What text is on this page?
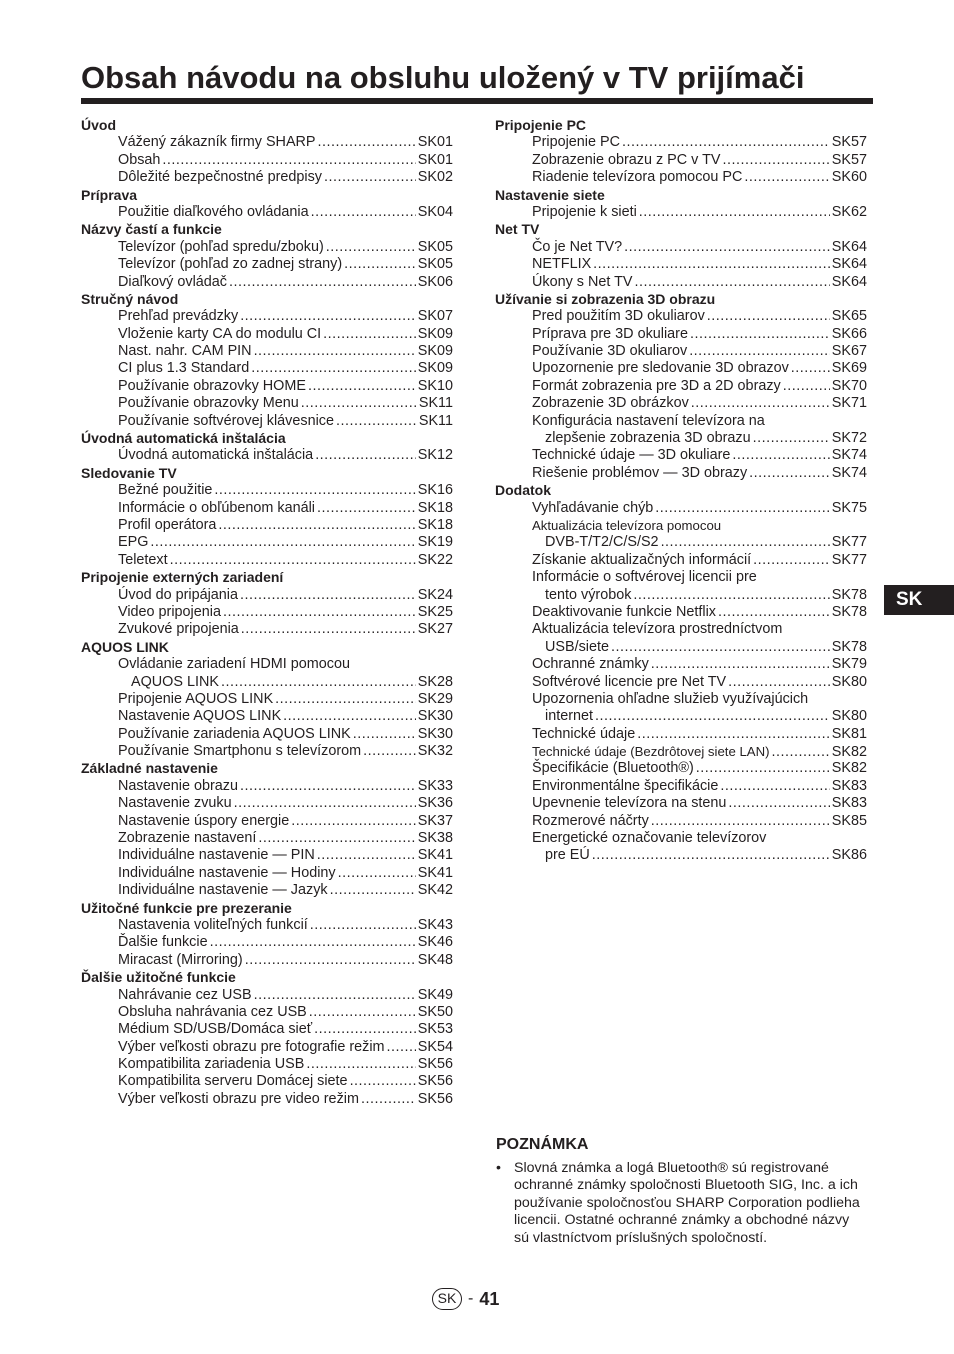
Obsah návodu na obsluhu uložený v TV prijímači
Úvod
Vážený zákazník firmy SHARP .....	SK01
Obsah .....	SK01
Dôležité bezpečnostné predpisy .....	SK02
Príprava
Použitie diaľkového ovládania .....	SK04
Názvy častí a funkcie
Televízor (pohľad spredu/zboku) .....	SK05
Televízor (pohľad zo zadnej strany) .....	SK05
Diaľkový ovládač .....	SK06
Stručný návod
Prehľad prevádzky .....	SK07
Vloženie karty CA do modulu CI .....	SK09
Nast. nahr. CAM PIN .....	SK09
CI plus 1.3 Standard .....	SK09
Používanie obrazovky HOME .....	SK10
Používanie obrazovky Menu .....	SK11
Používanie softvérovej klávesnice .....	SK11
Úvodná automatická inštalácia
Úvodná automatická inštalácia .....	SK12
Sledovanie TV
Bežné použitie .....	SK16
Informácie o obľúbenom kanáli .....	SK18
Profil operátora .....	SK18
EPG .....	SK19
Teletext .....	SK22
Pripojenie externých zariadení
Úvod do pripájania .....	SK24
Video pripojenia .....	SK25
Zvukové pripojenia .....	SK27
AQUOS LINK
Ovládanie zariadení HDMI pomocou
AQUOS LINK .....	SK28
Pripojenie AQUOS LINK .....	SK29
Nastavenie AQUOS LINK .....	SK30
Používanie zariadenia AQUOS LINK .....	SK30
Používanie Smartphonu s televízorom .....	SK32
Základné nastavenie
Nastavenie obrazu .....	SK33
Nastavenie zvuku .....	SK36
Nastavenie úspory energie .....	SK37
Zobrazenie nastavení .....	SK38
Individuálne nastavenie — PIN .....	SK41
Individuálne nastavenie — Hodiny .....	SK41
Individuálne nastavenie — Jazyk .....	SK42
Užitočné funkcie pre prezeranie
Nastavenia voliteľných funkcií .....	SK43
Ďalšie funkcie .....	SK46
Miracast (Mirroring) .....	SK48
Ďalšie užitočné funkcie
Nahrávanie cez USB .....	SK49
Obsluha nahrávania cez USB .....	SK50
Médium SD/USB/Domáca sieť .....	SK53
Výber veľkosti obrazu pre fotografie režim ..... SK54
Kompatibilita zariadenia USB .....	SK56
Kompatibilita serveru Domácej siete .....	SK56
Výber veľkosti obrazu pre video režim .....	SK56
Pripojenie PC
Pripojenie PC .....	SK57
Zobrazenie obrazu z PC v TV .....	SK57
Riadenie televízora pomocou PC .....	SK60
Nastavenie siete
Pripojenie k sieti .....	SK62
Net TV
Čo je Net TV? .....	SK64
NETFLIX .....	SK64
Úkony s Net TV .....	SK64
Užívanie si zobrazenia 3D obrazu
Pred použitím 3D okuliarov .....	SK65
Príprava pre 3D okuliare .....	SK66
Používanie 3D okuliarov .....	SK67
Upozornenie pre sledovanie 3D obrazov .....	SK69
Formát zobrazenia pre 3D a 2D obrazy .....	SK70
Zobrazenie 3D obrázkov .....	SK71
Konfigurácia nastavení televízora na
zlepšenie zobrazenia 3D obrazu .....	SK72
Technické údaje — 3D okuliare .....	SK74
Riešenie problémov — 3D obrazy .....	SK74
Dodatok
Vyhľadávanie chýb .....	SK75
Aktualizácia televízora pomocou
DVB-T/T2/C/S/S2 .....	SK77
Získanie aktualizačných informácií .....	SK77
Informácie o softvérovej licencii pre
tento výrobok .....	SK78
Deaktivovanie funkcie Netflix .....	SK78
Aktualizácia televízora prostredníctvom
USB/siete .....	SK78
Ochranné známky .....	SK79
Softvérové licencie pre Net TV .....	SK80
Upozornenia ohľadne služieb využívajúcich
internet .....	SK80
Technické údaje .....	SK81
Technické údaje (Bezdrôtovej siete LAN) .....	SK82
Špecifikácie (Bluetooth®) .....	SK82
Environmentálne špecifikácie .....	SK83
Upevnenie televízora na stenu .....	SK83
Rozmerové náčrty .....	SK85
Energetické označovanie televízorov
pre EÚ .....	SK86
SK
POZNÁMKA
• Slovná známka a logá Bluetooth® sú registrované ochranné známky spoločnosti Bluetooth SIG, Inc. a ich používanie spoločnosťou SHARP Corporation podlieha licencii. Ostatné ochranné známky a obchodné názvy sú vlastníctvom príslušných spoločností.
SK - 41
